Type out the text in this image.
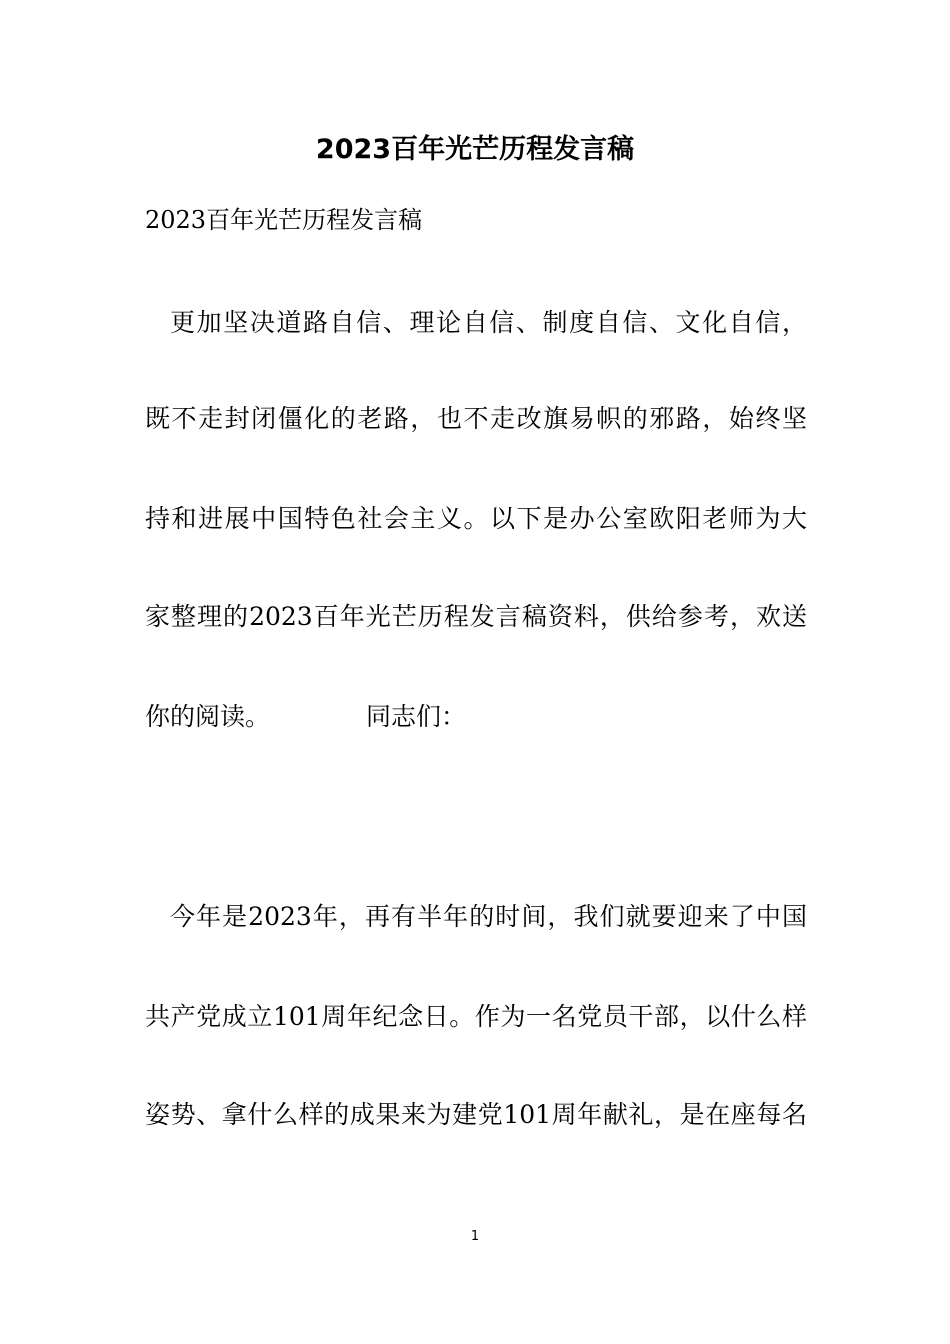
2023百年光芒历程发言稿
2023百年光芒历程发言稿
更加坚决道路自信、理论自信、制度自信、文化自信，
既不走封闭僵化的老路，也不走改旗易帜的邪路，始终坚
持和进展中国特色社会主义。以下是办公室欧阳老师为大
家整理的2023百年光芒历程发言稿资料，供给参考，欢送
你的阅读。	同志们：
今年是2023年，再有半年的时间，我们就要迎来了中国
共产党成立101周年纪念日。作为一名党员干部，以什么样
姿势、拿什么样的成果来为建党101周年献礼，是在座每名
1
